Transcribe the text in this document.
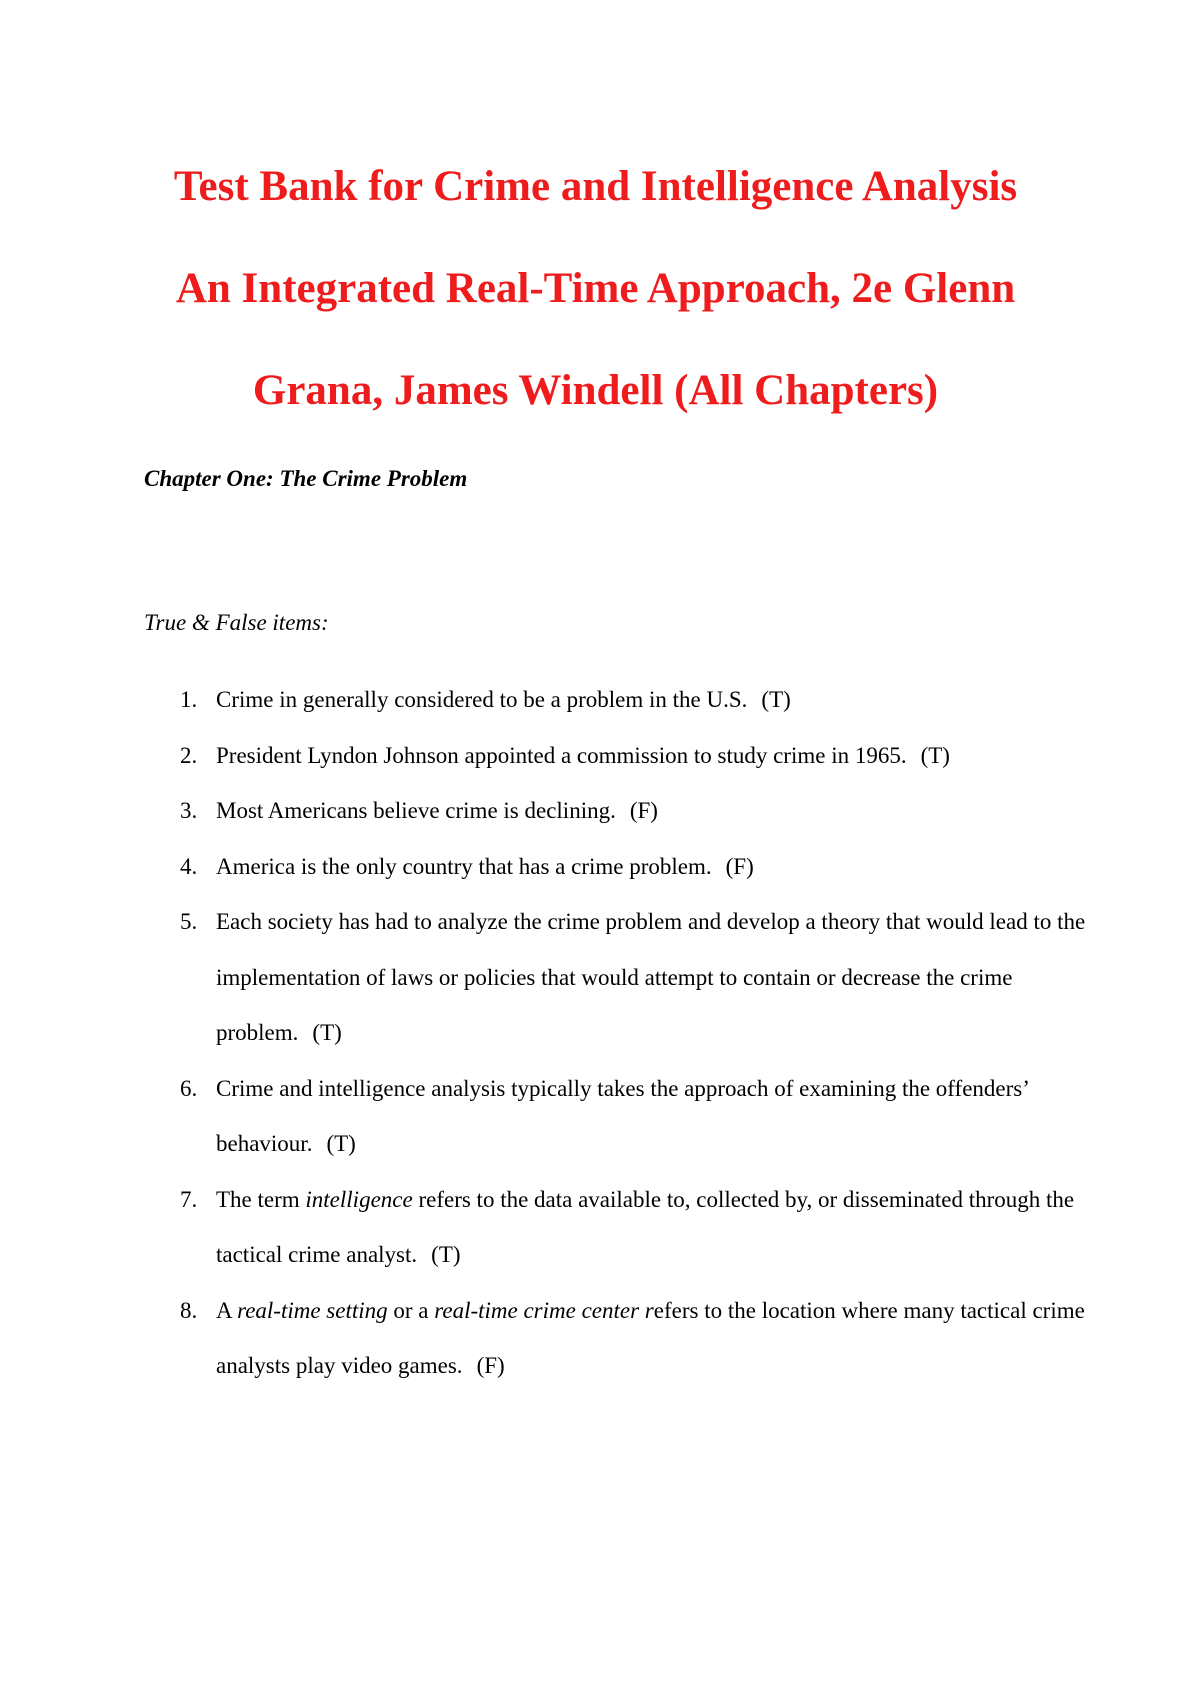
Test Bank for Crime and Intelligence Analysis
An Integrated Real-Time Approach, 2e Glenn
Grana, James Windell (All Chapters)

Chapter One: The Crime Problem

True & False items:

1. Crime in generally considered to be a problem in the U.S. (T)
2. President Lyndon Johnson appointed a commission to study crime in 1965. (T)
3. Most Americans believe crime is declining. (F)
4. America is the only country that has a crime problem. (F)
5. Each society has had to analyze the crime problem and develop a theory that would lead to the implementation of laws or policies that would attempt to contain or decrease the crime problem. (T)
6. Crime and intelligence analysis typically takes the approach of examining the offenders’ behaviour. (T)
7. The term intelligence refers to the data available to, collected by, or disseminated through the tactical crime analyst. (T)
8. A real-time setting or a real-time crime center refers to the location where many tactical crime analysts play video games. (F)
